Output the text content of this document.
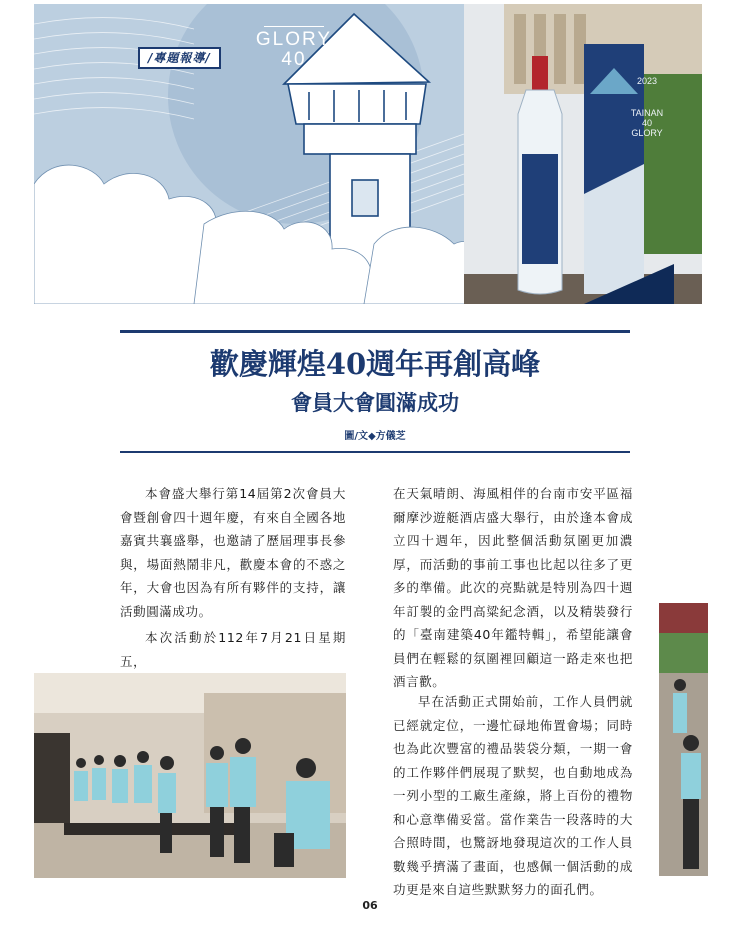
/專題報導/
GLORY
40
2023
TAINAN
40
GLORY
歡慶輝煌40週年再創高峰
會員大會圓滿成功
圖/文◆方儀芝

本會盛大舉行第14屆第2次會員大會暨創會四十週年慶，有來自全國各地嘉賓共襄盛舉，也邀請了歷屆理事長參與，場面熱鬧非凡，歡慶本會的不惑之年，大會也因為有所有夥伴的支持，讓活動圓滿成功。

本次活動於112年7月21日星期五，

在天氣晴朗、海風相伴的台南市安平區福爾摩沙遊艇酒店盛大舉行，由於逢本會成立四十週年，因此整個活動氛圍更加濃厚，而活動的事前工事也比起以往多了更多的準備。此次的亮點就是特別為四十週年訂製的金門高粱紀念酒，以及精裝發行的「臺南建築40年鑑特輯」，希望能讓會員們在輕鬆的氛圍裡回顧這一路走來也把酒言歡。

早在活動正式開始前，工作人員們就已經就定位，一邊忙碌地佈置會場；同時也為此次豐富的禮品裝袋分類，一期一會的工作夥伴們展現了默契，也自動地成為一列小型的工廠生產線，將上百份的禮物和心意準備妥當。當作業告一段落時的大合照時間，也驚訝地發現這次的工作人員數幾乎擠滿了畫面，也感佩一個活動的成功更是來自這些默默努力的面孔們。

06
